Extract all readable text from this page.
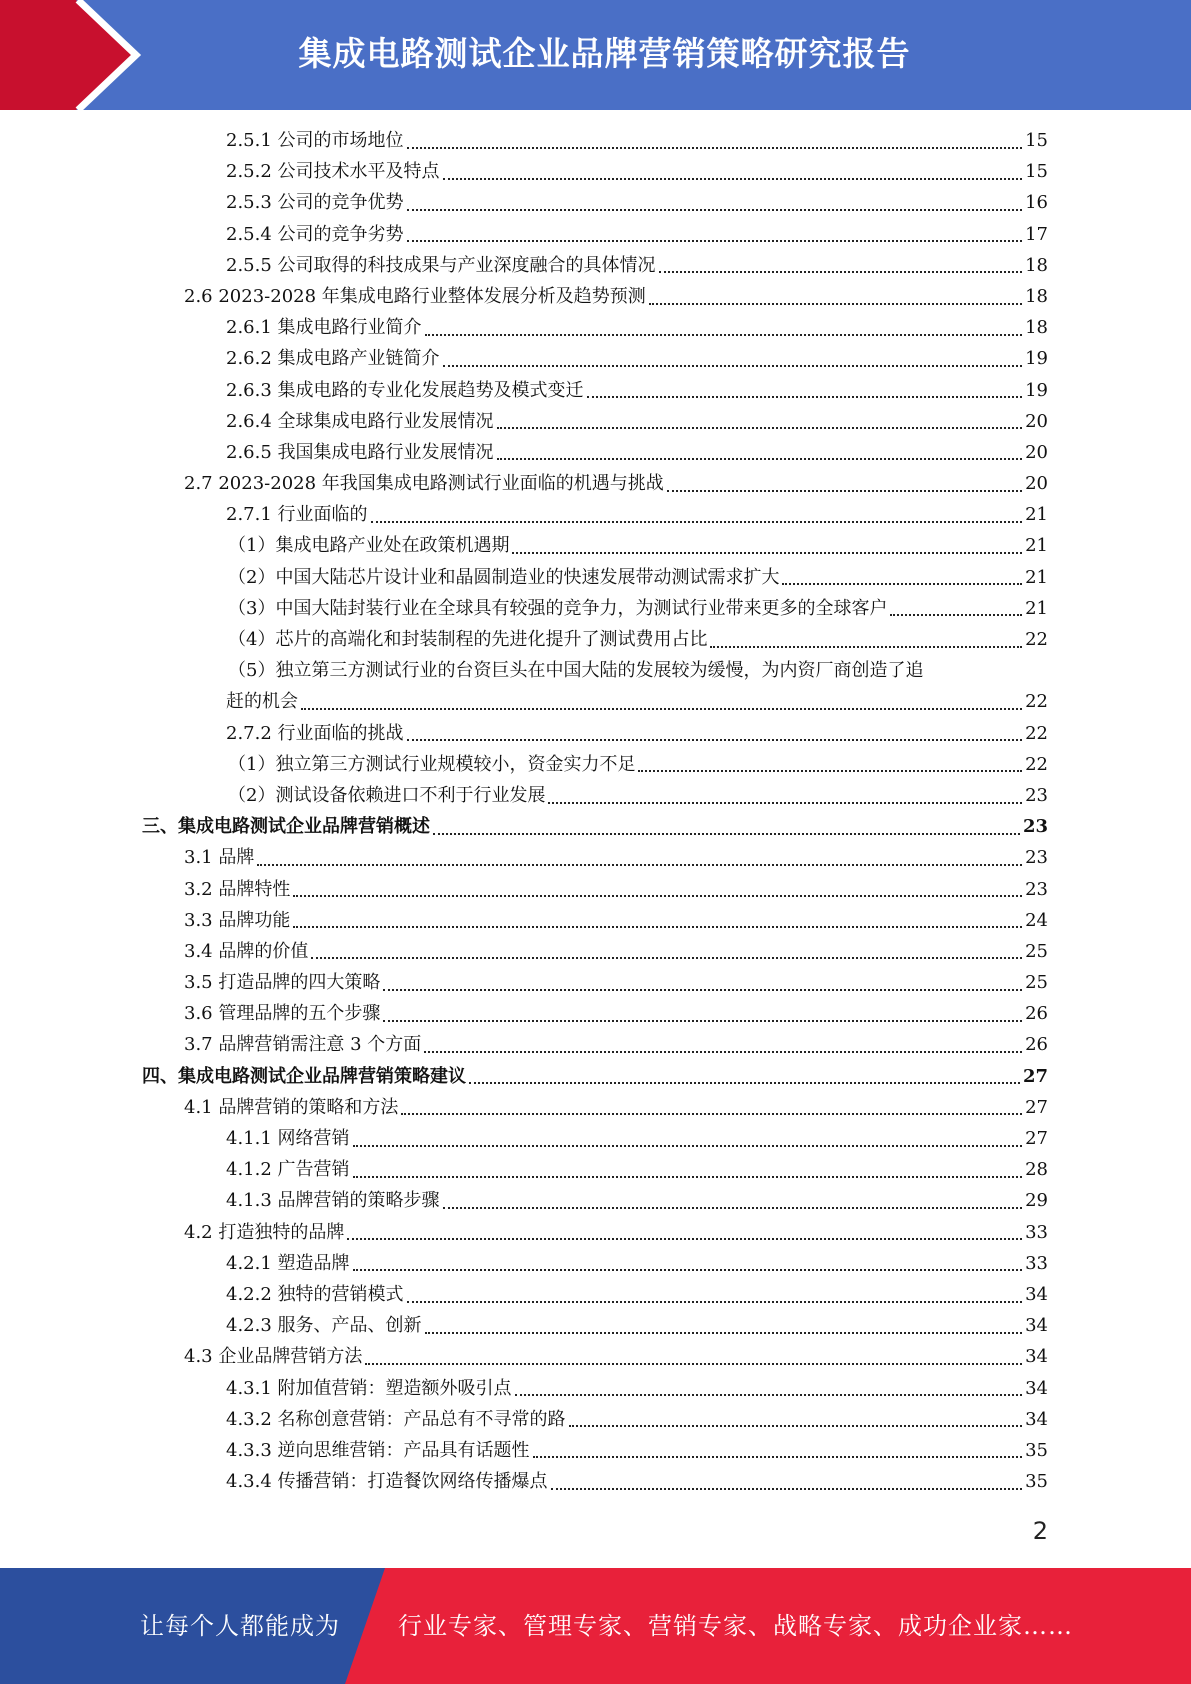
集成电路测试企业品牌营销策略研究报告
2.5.1 公司的市场地位	15
2.5.2 公司技术水平及特点	15
2.5.3 公司的竞争优势	16
2.5.4 公司的竞争劣势	17
2.5.5 公司取得的科技成果与产业深度融合的具体情况	18
2.6 2023-2028 年集成电路行业整体发展分析及趋势预测	18
2.6.1 集成电路行业简介	18
2.6.2 集成电路产业链简介	19
2.6.3 集成电路的专业化发展趋势及模式变迁	19
2.6.4 全球集成电路行业发展情况	20
2.6.5 我国集成电路行业发展情况	20
2.7 2023-2028 年我国集成电路测试行业面临的机遇与挑战	20
2.7.1 行业面临的	21
（1）集成电路产业处在政策机遇期	21
（2）中国大陆芯片设计业和晶圆制造业的快速发展带动测试需求扩大	21
（3）中国大陆封装行业在全球具有较强的竞争力，为测试行业带来更多的全球客户	21
（4）芯片的高端化和封装制程的先进化提升了测试费用占比	22
（5）独立第三方测试行业的台资巨头在中国大陆的发展较为缓慢，为内资厂商创造了追
赶的机会	22
2.7.2 行业面临的挑战	22
（1）独立第三方测试行业规模较小，资金实力不足	22
（2）测试设备依赖进口不利于行业发展	23
三、集成电路测试企业品牌营销概述	23
3.1 品牌	23
3.2 品牌特性	23
3.3 品牌功能	24
3.4 品牌的价值	25
3.5 打造品牌的四大策略	25
3.6 管理品牌的五个步骤	26
3.7 品牌营销需注意 3 个方面	26
四、集成电路测试企业品牌营销策略建议	27
4.1 品牌营销的策略和方法	27
4.1.1 网络营销	27
4.1.2 广告营销	28
4.1.3 品牌营销的策略步骤	29
4.2 打造独特的品牌	33
4.2.1 塑造品牌	33
4.2.2 独特的营销模式	34
4.2.3 服务、产品、创新	34
4.3 企业品牌营销方法	34
4.3.1 附加值营销：塑造额外吸引点	34
4.3.2 名称创意营销：产品总有不寻常的路	34
4.3.3 逆向思维营销：产品具有话题性	35
4.3.4 传播营销：打造餐饮网络传播爆点	35
2
让每个人都能成为 行业专家、管理专家、营销专家、战略专家、成功企业家……
